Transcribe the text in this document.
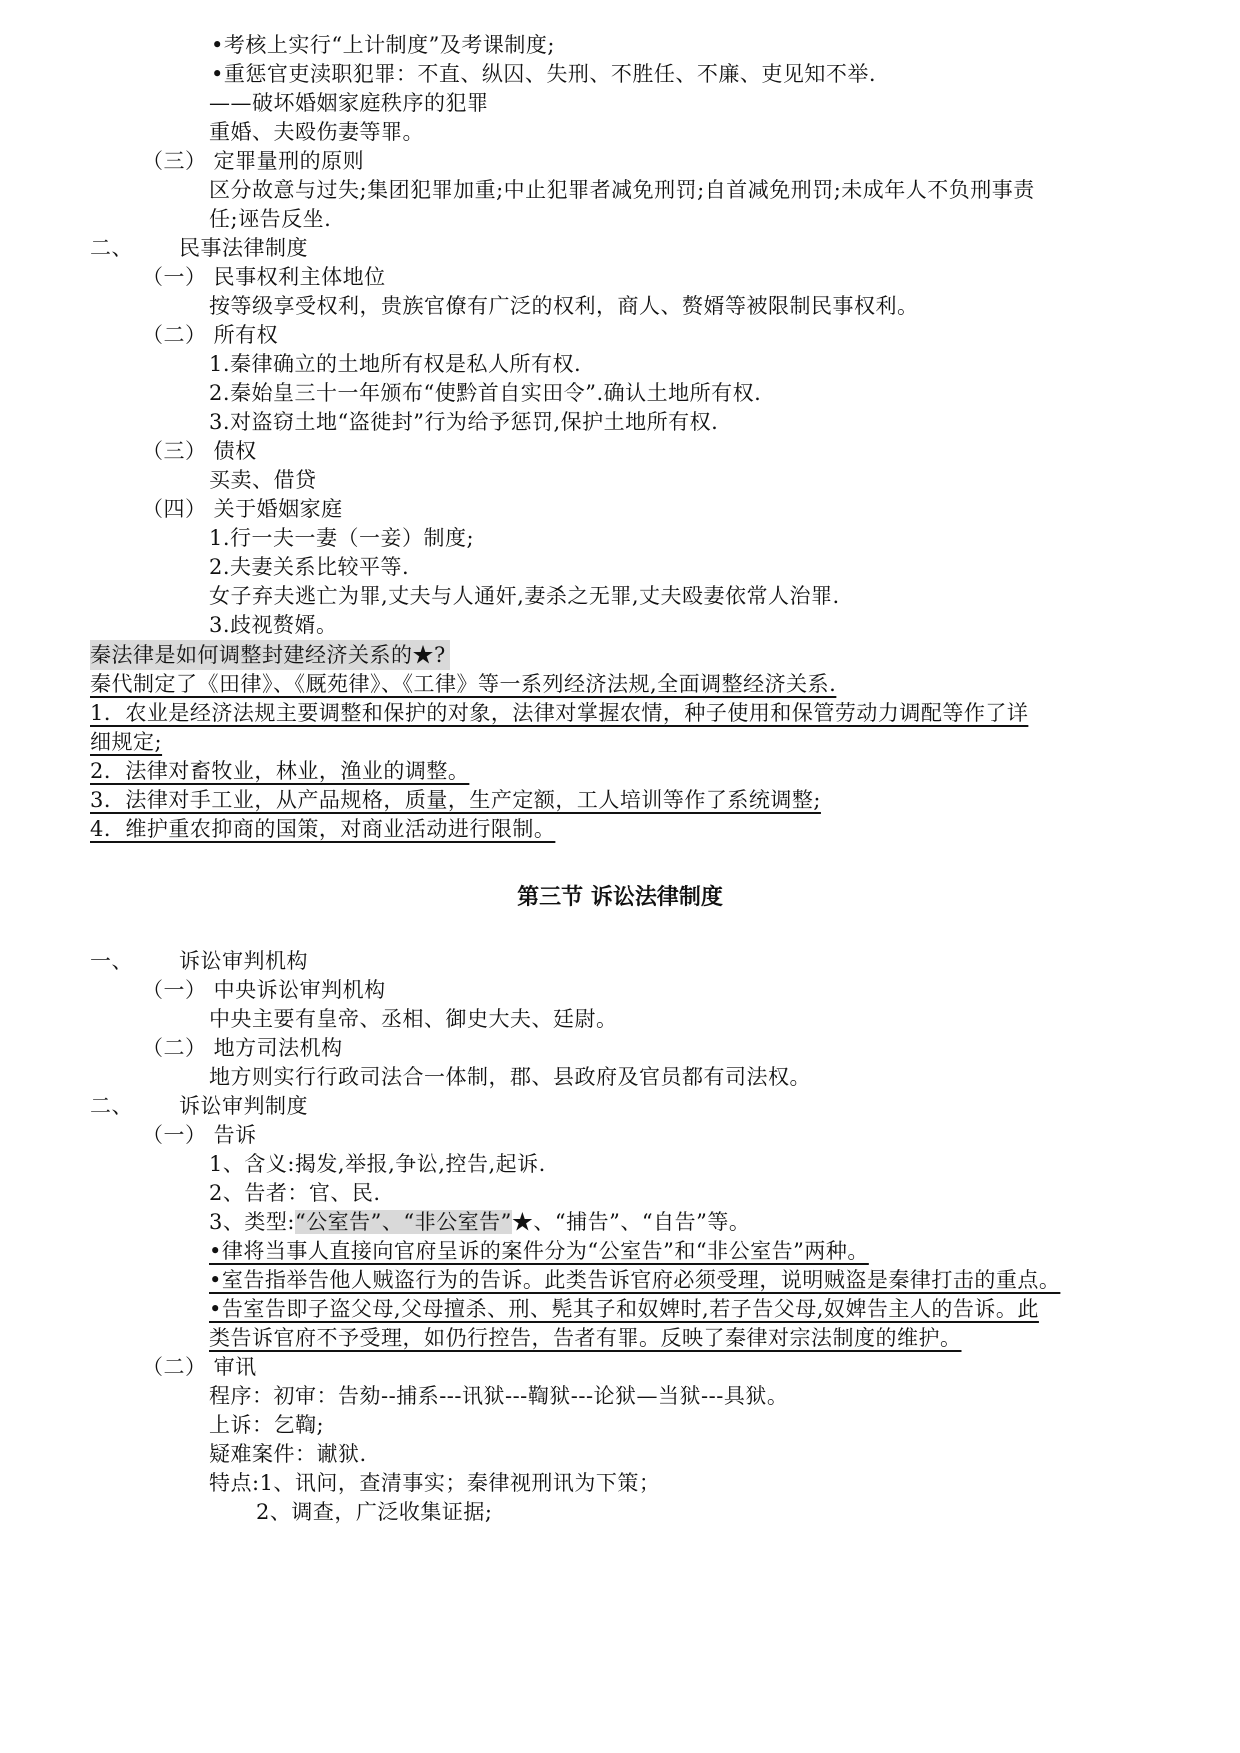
•考核上实行“上计制度”及考课制度;
•重惩官吏渎职犯罪：不直、纵囚、失刑、不胜任、不廉、吏见知不举.
——破坏婚姻家庭秩序的犯罪
重婚、夫殴伤妻等罪。
（三） 定罪量刑的原则
区分故意与过失;集团犯罪加重;中止犯罪者减免刑罚;自首减免刑罚;未成年人不负刑事责
任;诬告反坐.
二、 民事法律制度
（一） 民事权利主体地位
按等级享受权利，贵族官僚有广泛的权利，商人、赘婿等被限制民事权利。
（二） 所有权
1.秦律确立的土地所有权是私人所有权.
2.秦始皇三十一年颁布“使黔首自实田令”.确认土地所有权.
3.对盗窃土地“盗徙封”行为给予惩罚,保护土地所有权.
（三） 债权
买卖、借贷
（四） 关于婚姻家庭
1.行一夫一妻（一妾）制度;
2.夫妻关系比较平等.
女子弃夫逃亡为罪,丈夫与人通奸,妻杀之无罪,丈夫殴妻依常人治罪.
3.歧视赘婿。
秦法律是如何调整封建经济关系的★?
秦代制定了《田律》、《厩苑律》、《工律》等一系列经济法规,全面调整经济关系.
1．农业是经济法规主要调整和保护的对象，法律对掌握农情，种子使用和保管劳动力调配等作了详
细规定;
2．法律对畜牧业，林业，渔业的调整。
3．法律对手工业，从产品规格，质量，生产定额，工人培训等作了系统调整;
4．维护重农抑商的国策，对商业活动进行限制。
第三节 诉讼法律制度
一、 诉讼审判机构
（一） 中央诉讼审判机构
中央主要有皇帝、丞相、御史大夫、廷尉。
（二） 地方司法机构
地方则实行行政司法合一体制，郡、县政府及官员都有司法权。
二、 诉讼审判制度
（一） 告诉
1、含义:揭发,举报,争讼,控告,起诉.
2、告者：官、民.
3、类型:“公室告”、“非公室告”★、“捕告”、“自告”等。
•律将当事人直接向官府呈诉的案件分为“公室告”和“非公室告”两种。
•室告指举告他人贼盗行为的告诉。此类告诉官府必须受理，说明贼盗是秦律打击的重点。
•告室告即子盗父母,父母擅杀、刑、髡其子和奴婢时,若子告父母,奴婢告主人的告诉。此
类告诉官府不予受理，如仍行控告，告者有罪。反映了秦律对宗法制度的维护。
（二） 审讯
程序：初审：告劾--捕系---讯狱---鞫狱---论狱—当狱---具狱。
上诉：乞鞫;
疑难案件：谳狱.
特点:1、讯问，查清事实；秦律视刑讯为下策；
2、调查，广泛收集证据;
